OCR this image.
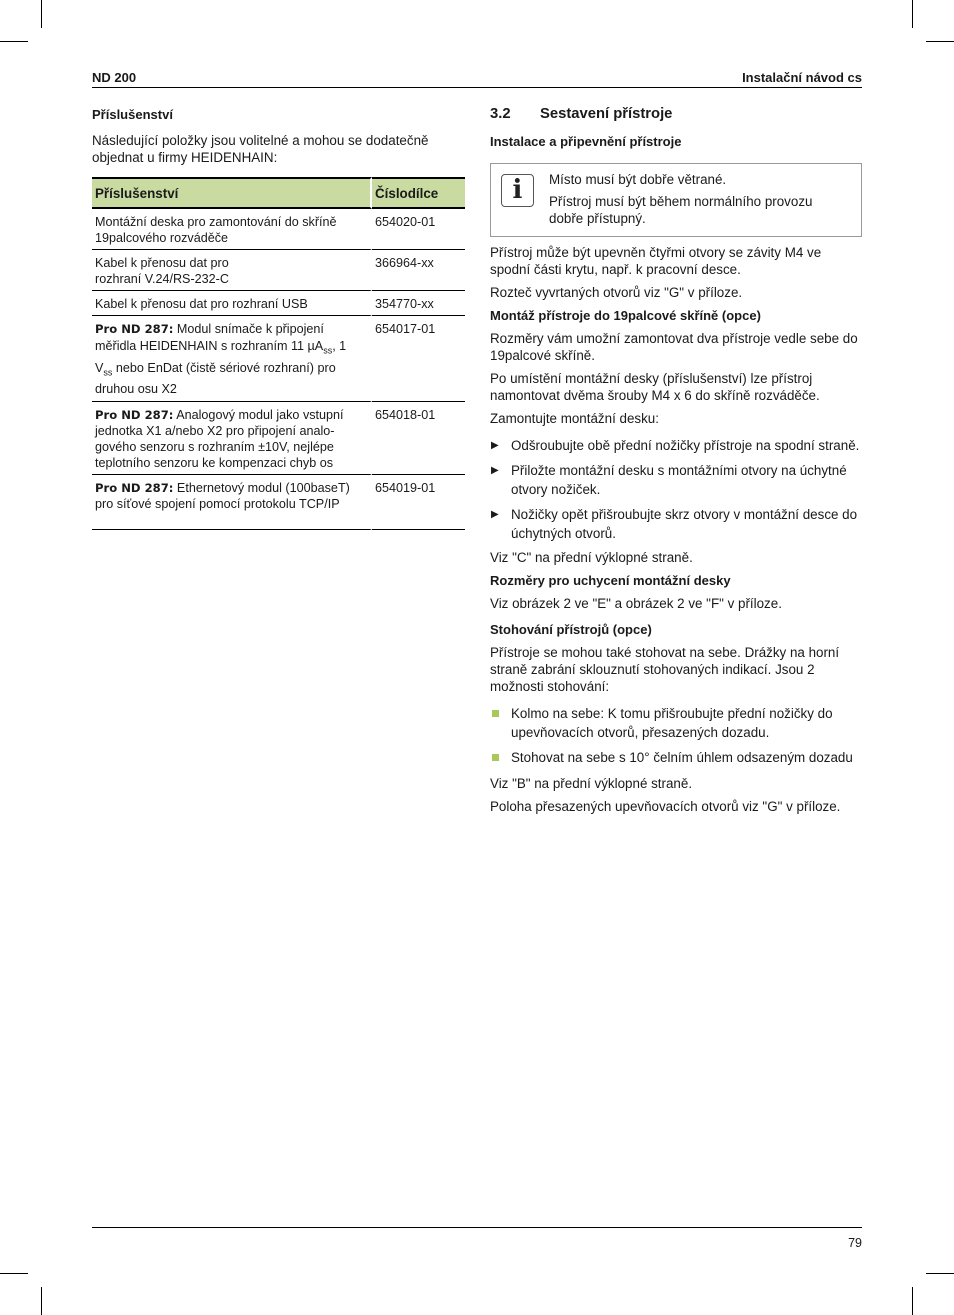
ND 200	Instalační návod cs

Příslušenství

Následující položky jsou volitelné a mohou se dodatečně objednat u firmy HEIDENHAIN:

Příslušenství	Číslodílce
Montážní deska pro zamontování do skříně 19palcového rozváděče	654020-01

Kabel k přenosu dat pro rozhraní V.24/RS-232-C	366964-xx
Kabel k přenosu dat pro rozhraní USB	354770-xx
Pro ND 287: Modul snímače k připojení měřidla HEIDENHAIN s rozhraním 11 µA$_{ss}$, 1 $V_{ss}$ nebo EnDat (čistě sériové rozhraní) pro druhou osu X2	654017-01
Pro ND 287: Analogový modul jako vstupní jednotka X1 a/nebo X2 pro připojení analo-gového senzoru s rozhraním ±10V, nejlépe teplotního senzoru ke kompenzaci chyb os	654018-01
Pro ND 287: Ethernetový modul (100baseT) pro síťové spojení pomocí protokolu TCP/IP	654019-01

3.2 Sestavení přístroje

Instalace a připevnění přístroje

i	Místo musí být dobře větrané.
Přístroj musí být během normálního provozu dobře přístupný.

Přístroj může být upevněn čtyřmi otvory se závity M4 ve spodní části krytu, např. k pracovní desce.

Rozteč vyvrtaných otvorů viz "G" v příloze.

Montáž přístroje do 19palcové skříně (opce)

Rozměry vám umožní zamontovat dva přístroje vedle sebe do 19palcové skříně.

Po umístění montážní desky (příslušenství) lze přístroj namontovat dvěma šrouby M4 x 6 do skříně rozváděče.

Zamontujte montážní desku:

▶ Odšroubujte obě přední nožičky přístroje na spodní straně.
▶ Přiložte montážní desku s montážními otvory na úchytné otvory nožiček.
▶ Nožičky opět přišroubujte skrz otvory v montážní desce do úchytných otvorů.

Viz "C" na přední výklopné straně.

Rozměry pro uchycení montážní desky

Viz obrázek 2 ve "E" a obrázek 2 ve "F" v příloze.

Stohování přístrojů (opce)

Přístroje se mohou také stohovat na sebe. Drážky na horní straně zabrání sklouznutí stohovaných indikací. Jsou 2 možnosti stohování:

Kolmo na sebe: K tomu přišroubujte přední nožičky do upevňovacích otvorů, přesazených dozadu.
Stohovat na sebe s 10° čelním úhlem odsazeným dozadu

Viz "B" na přední výklopné straně.

Poloha přesazených upevňovacích otvorů viz "G" v příloze.

79
